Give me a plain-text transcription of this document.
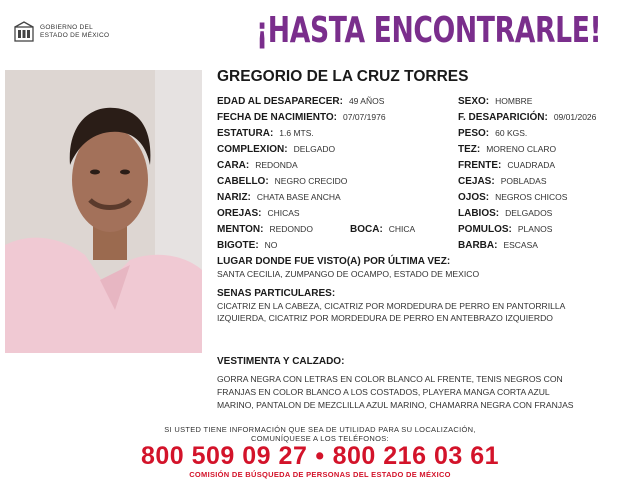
GOBIERNO DEL
ESTADO DE MÉXICO	¡HASTA ENCONTRARLE!
GREGORIO DE LA CRUZ TORRES
EDAD AL DESAPARECER: 49 AÑOS
FECHA DE NACIMIENTO: 07/07/1976
ESTATURA: 1.6 MTS.
COMPLEXION: DELGADO
CARA: REDONDA
CABELLO: NEGRO CRECIDO
NARIZ: CHATA BASE ANCHA
OREJAS: CHICAS
MENTON: REDONDO	BOCA: CHICA
BIGOTE: NO
SEXO: HOMBRE
F. DESAPARICIÓN: 09/01/2026
PESO: 60 KGS.
TEZ: MORENO CLARO
FRENTE: CUADRADA
CEJAS: POBLADAS
OJOS: NEGROS CHICOS
LABIOS: DELGADOS
POMULOS: PLANOS
BARBA: ESCASA
LUGAR DONDE FUE VISTO(A) POR ÚLTIMA VEZ:
SANTA CECILIA, ZUMPANGO DE OCAMPO, ESTADO DE MEXICO
SENAS PARTICULARES:
CICATRIZ EN LA CABEZA, CICATRIZ POR MORDEDURA DE PERRO EN PANTORRILLA
IZQUIERDA, CICATRIZ POR MORDEDURA DE PERRO EN ANTEBRAZO IZQUIERDO
VESTIMENTA Y CALZADO:
GORRA NEGRA CON LETRAS EN COLOR BLANCO AL FRENTE, TENIS NEGROS CON
FRANJAS EN COLOR BLANCO A LOS COSTADOS, PLAYERA MANGA CORTA AZUL
MARINO, PANTALON DE MEZCLILLA AZUL MARINO, CHAMARRA NEGRA CON FRANJAS
SI USTED TIENE INFORMACIÓN QUE SEA DE UTILIDAD PARA SU LOCALIZACIÓN,
COMUNÍQUESE A LOS TELÉFONOS:
800 509 09 27 • 800 216 03 61
COMISIÓN DE BÚSQUEDA DE PERSONAS DEL ESTADO DE MÉXICO
